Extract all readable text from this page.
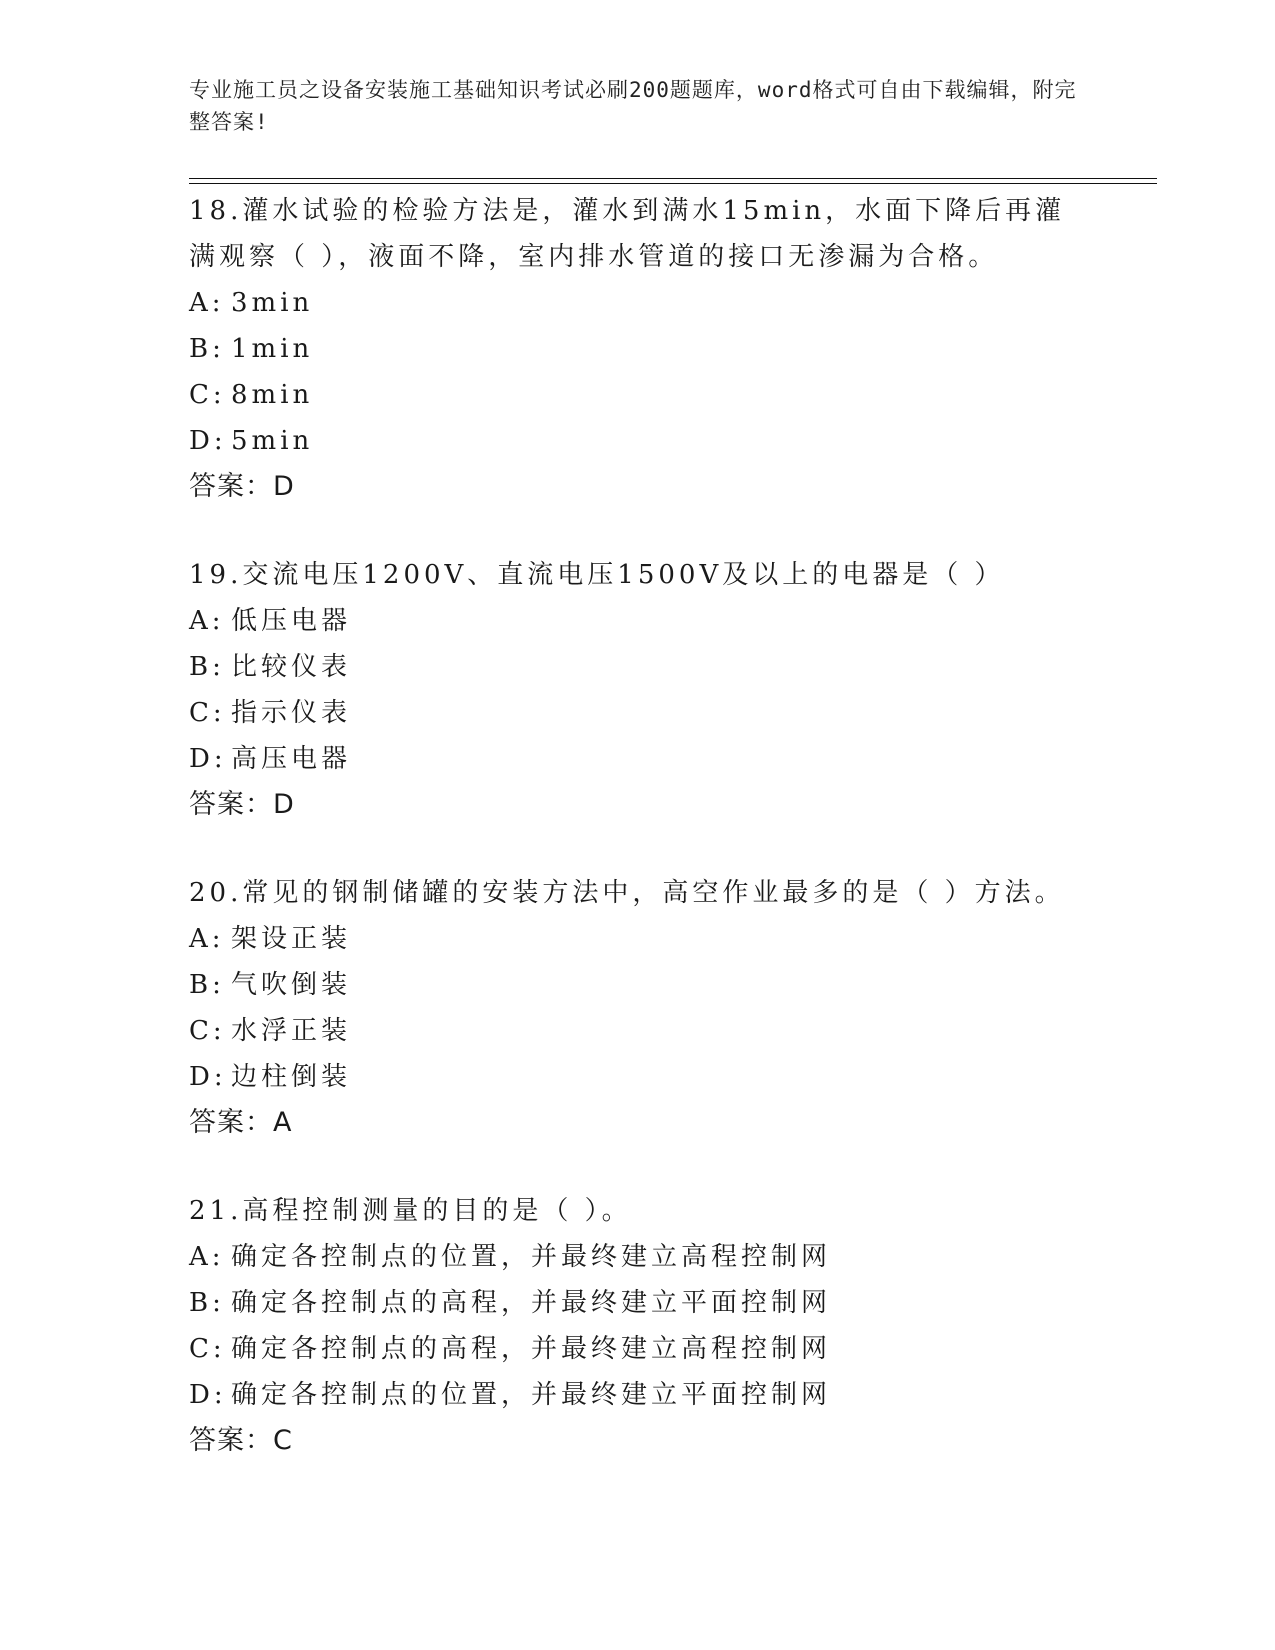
专业施工员之设备安装施工基础知识考试必刷200题题库，word格式可自由下载编辑，附完整答案!

18.灌水试验的检验方法是，灌水到满水15min，水面下降后再灌满观察（ ），液面不降，室内排水管道的接口无渗漏为合格。

A: 3min

B: 1min

C: 8min

D: 5min

答案：D

19.交流电压1200V、直流电压1500V及以上的电器是（ ）

A: 低压电器

B: 比较仪表

C: 指示仪表

D: 高压电器

答案：D

20.常见的钢制储罐的安装方法中，高空作业最多的是（ ）方法。

A: 架设正装

B: 气吹倒装

C: 水浮正装

D: 边柱倒装

答案：A

21.高程控制测量的目的是（ ）。

A: 确定各控制点的位置，并最终建立高程控制网

B: 确定各控制点的高程，并最终建立平面控制网

C: 确定各控制点的高程，并最终建立高程控制网

D: 确定各控制点的位置，并最终建立平面控制网

答案：C
